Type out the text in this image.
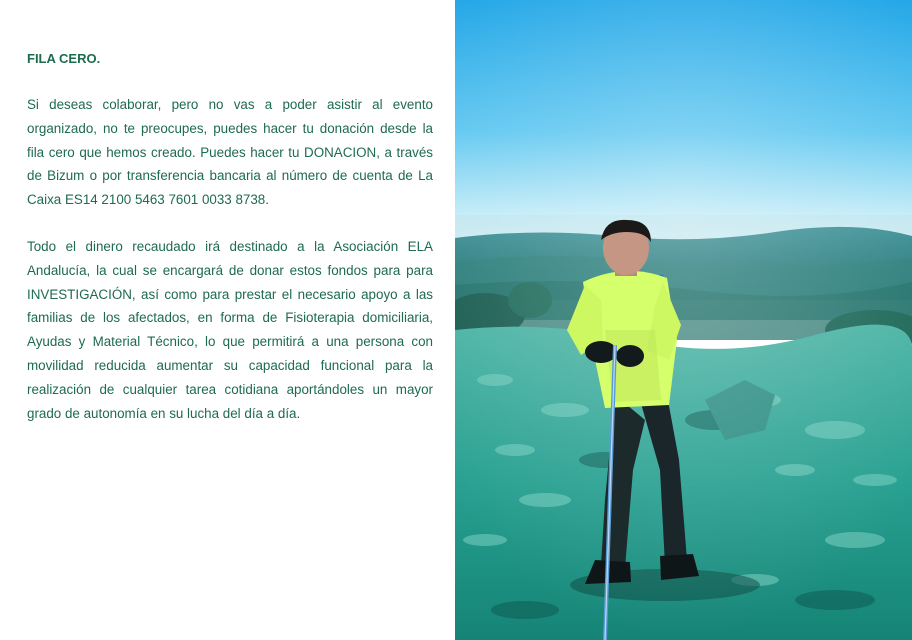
FILA CERO.

Si deseas colaborar, pero no vas a poder asistir al evento organizado, no te preocupes, puedes hacer tu donación desde la fila cero que hemos creado. Puedes hacer tu DONACION, a través de Bizum o por transferencia bancaria al número de cuenta de La Caixa ES14 2100 5463 7601 0033 8738.

Todo el dinero recaudado irá destinado a la Asociación ELA Andalucía, la cual se encargará de donar estos fondos para para INVESTIGACIÓN, así como para prestar el necesario apoyo a las familias de los afectados, en forma de Fisioterapia domiciliaria, Ayudas y Material Técnico, lo que permitirá a una persona con movilidad reducida aumentar su capacidad funcional para la realización de cualquier tarea cotidiana aportándoles un mayor grado de autonomía en su lucha del día a día.
